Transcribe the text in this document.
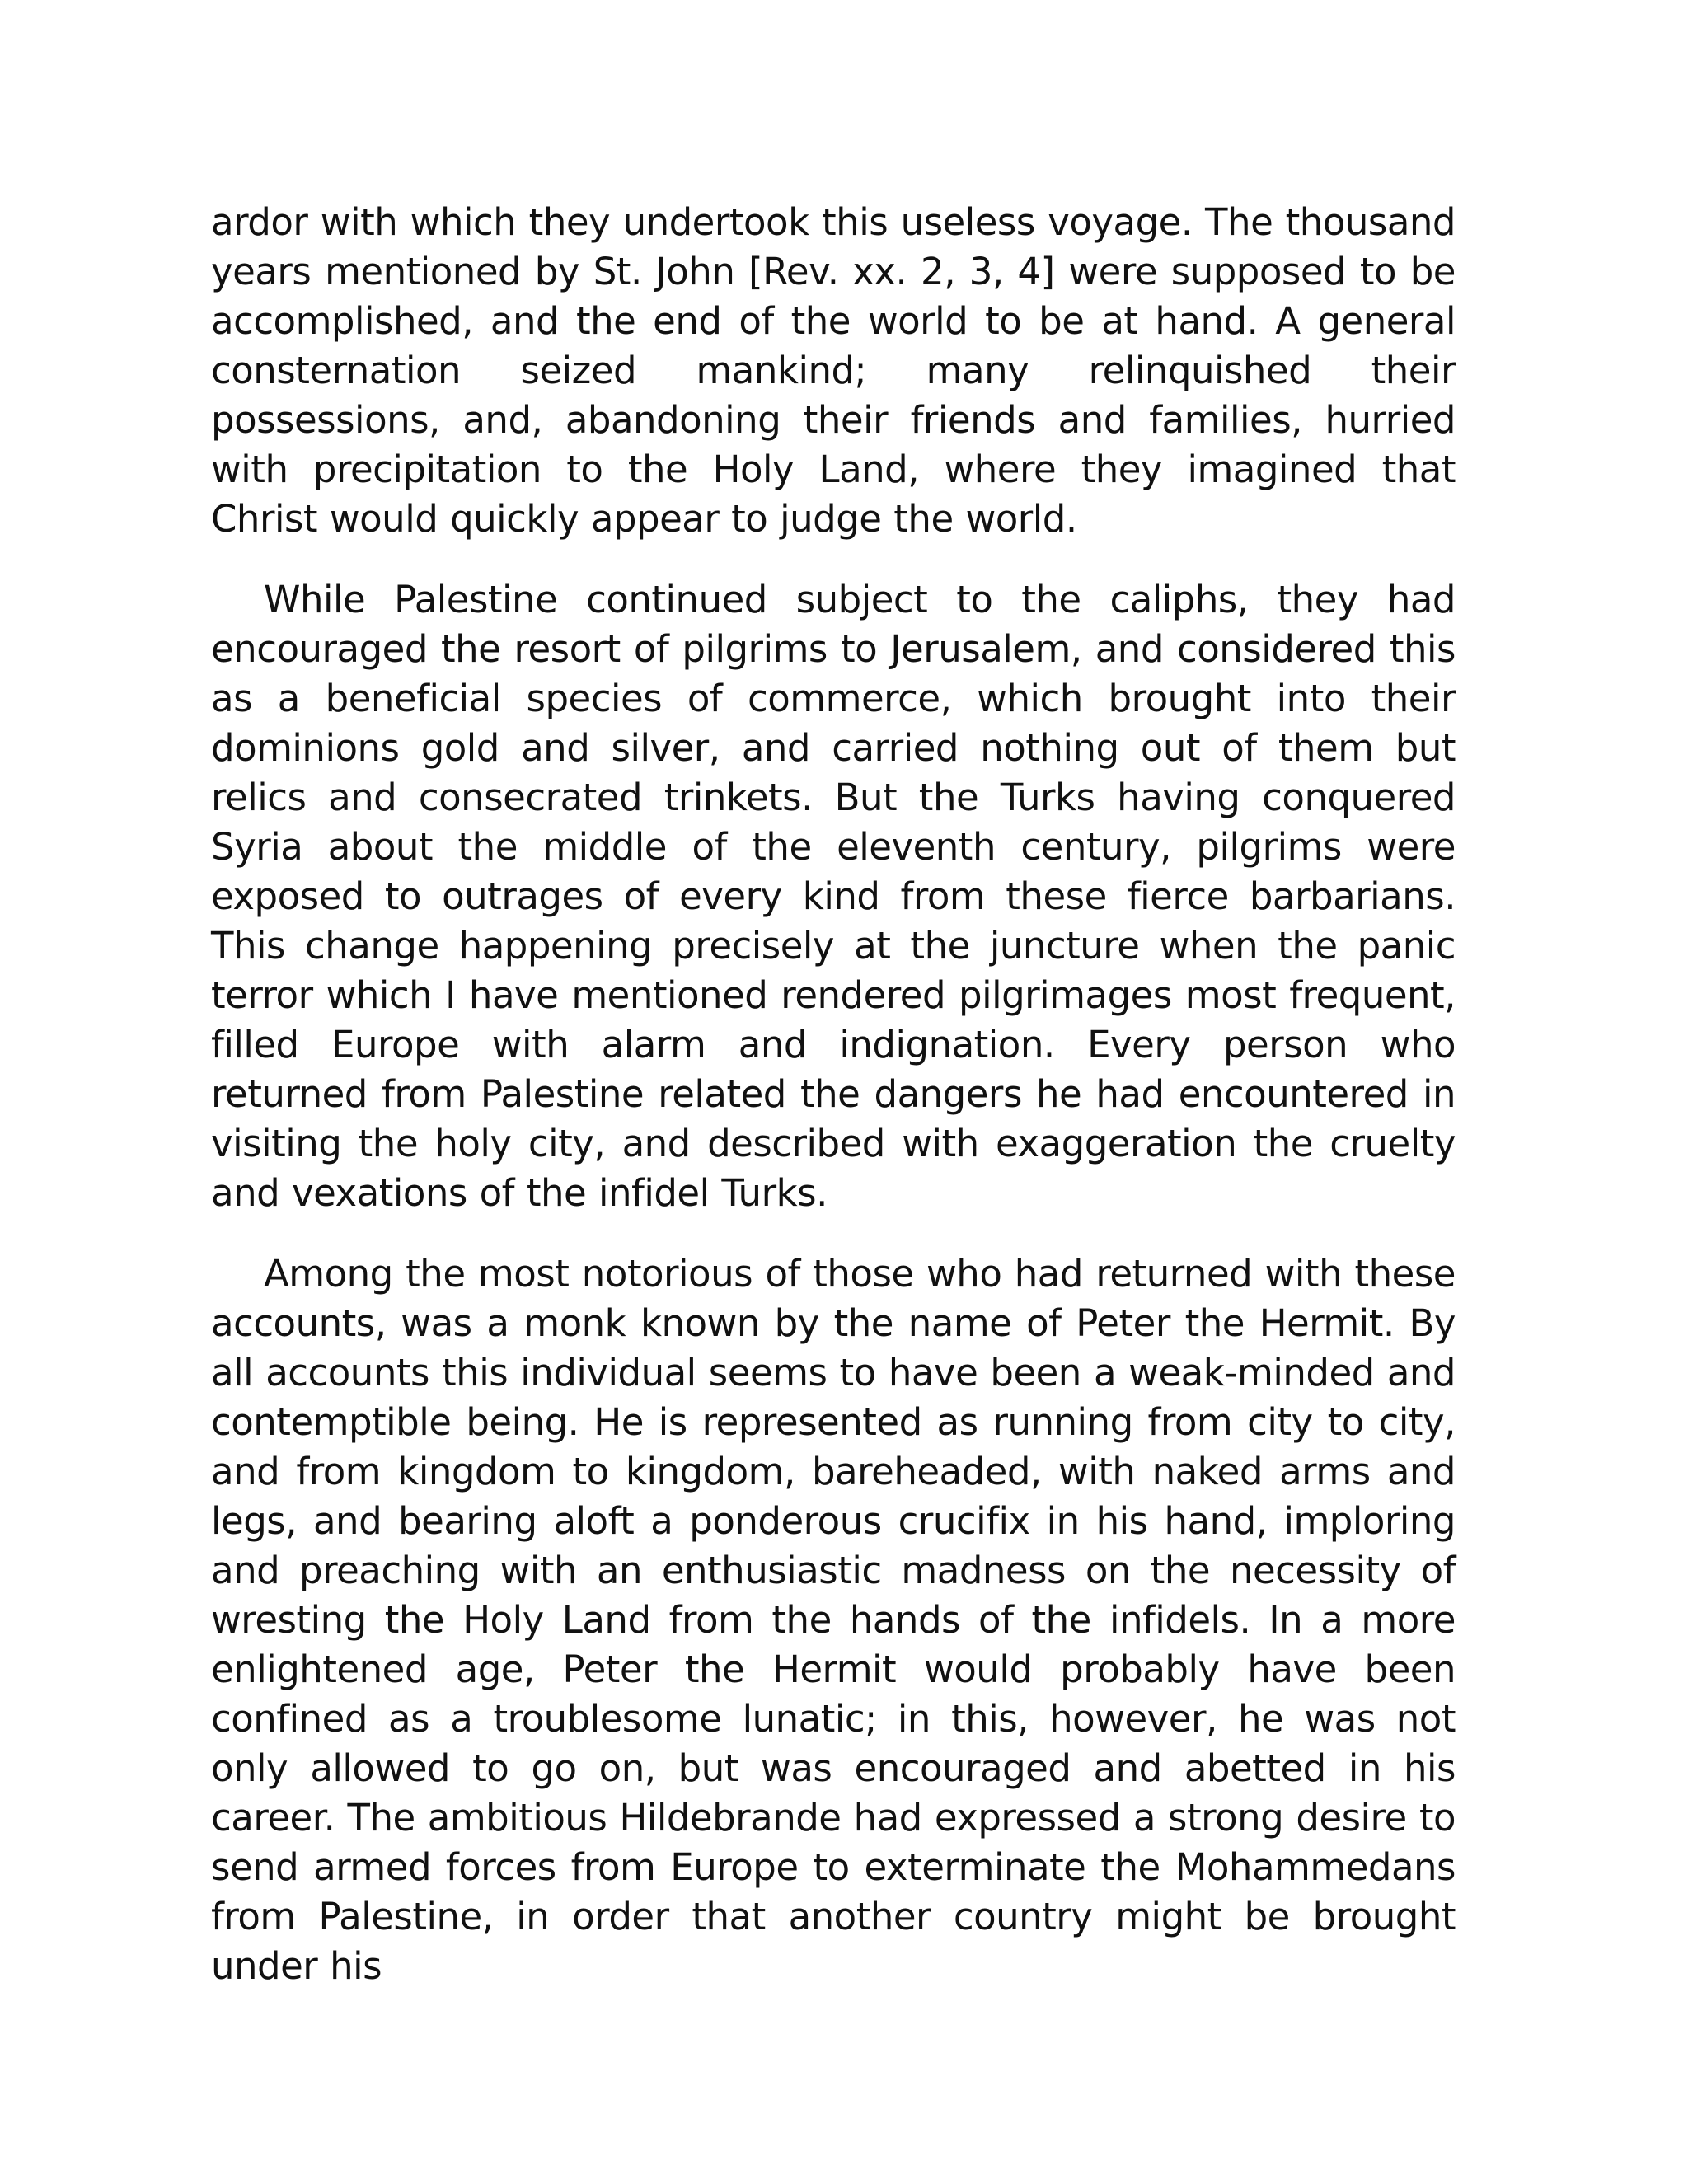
ardor with which they undertook this useless voyage. The thousand years mentioned by St. John [Rev. xx. 2, 3, 4] were supposed to be accomplished, and the end of the world to be at hand. A general consternation seized mankind; many relinquished their possessions, and, abandoning their friends and families, hurried with precipitation to the Holy Land, where they imagined that Christ would quickly appear to judge the world.

While Palestine continued subject to the caliphs, they had encouraged the resort of pilgrims to Jerusalem, and considered this as a beneficial species of commerce, which brought into their dominions gold and silver, and carried nothing out of them but relics and consecrated trinkets. But the Turks having conquered Syria about the middle of the eleventh century, pilgrims were exposed to outrages of every kind from these fierce barbarians. This change happening precisely at the juncture when the panic terror which I have mentioned rendered pilgrimages most frequent, filled Europe with alarm and indignation. Every person who returned from Palestine related the dangers he had encountered in visiting the holy city, and described with exaggeration the cruelty and vexations of the infidel Turks.

Among the most notorious of those who had returned with these accounts, was a monk known by the name of Peter the Hermit. By all accounts this individual seems to have been a weak-minded and contemptible being. He is represented as running from city to city, and from kingdom to kingdom, bareheaded, with naked arms and legs, and bearing aloft a ponderous crucifix in his hand, imploring and preaching with an enthusiastic madness on the necessity of wresting the Holy Land from the hands of the infidels. In a more enlightened age, Peter the Hermit would probably have been confined as a troublesome lunatic; in this, however, he was not only allowed to go on, but was encouraged and abetted in his career. The ambitious Hildebrande had expressed a strong desire to send armed forces from Europe to exterminate the Mohammedans from Palestine, in order that another country might be brought under his
